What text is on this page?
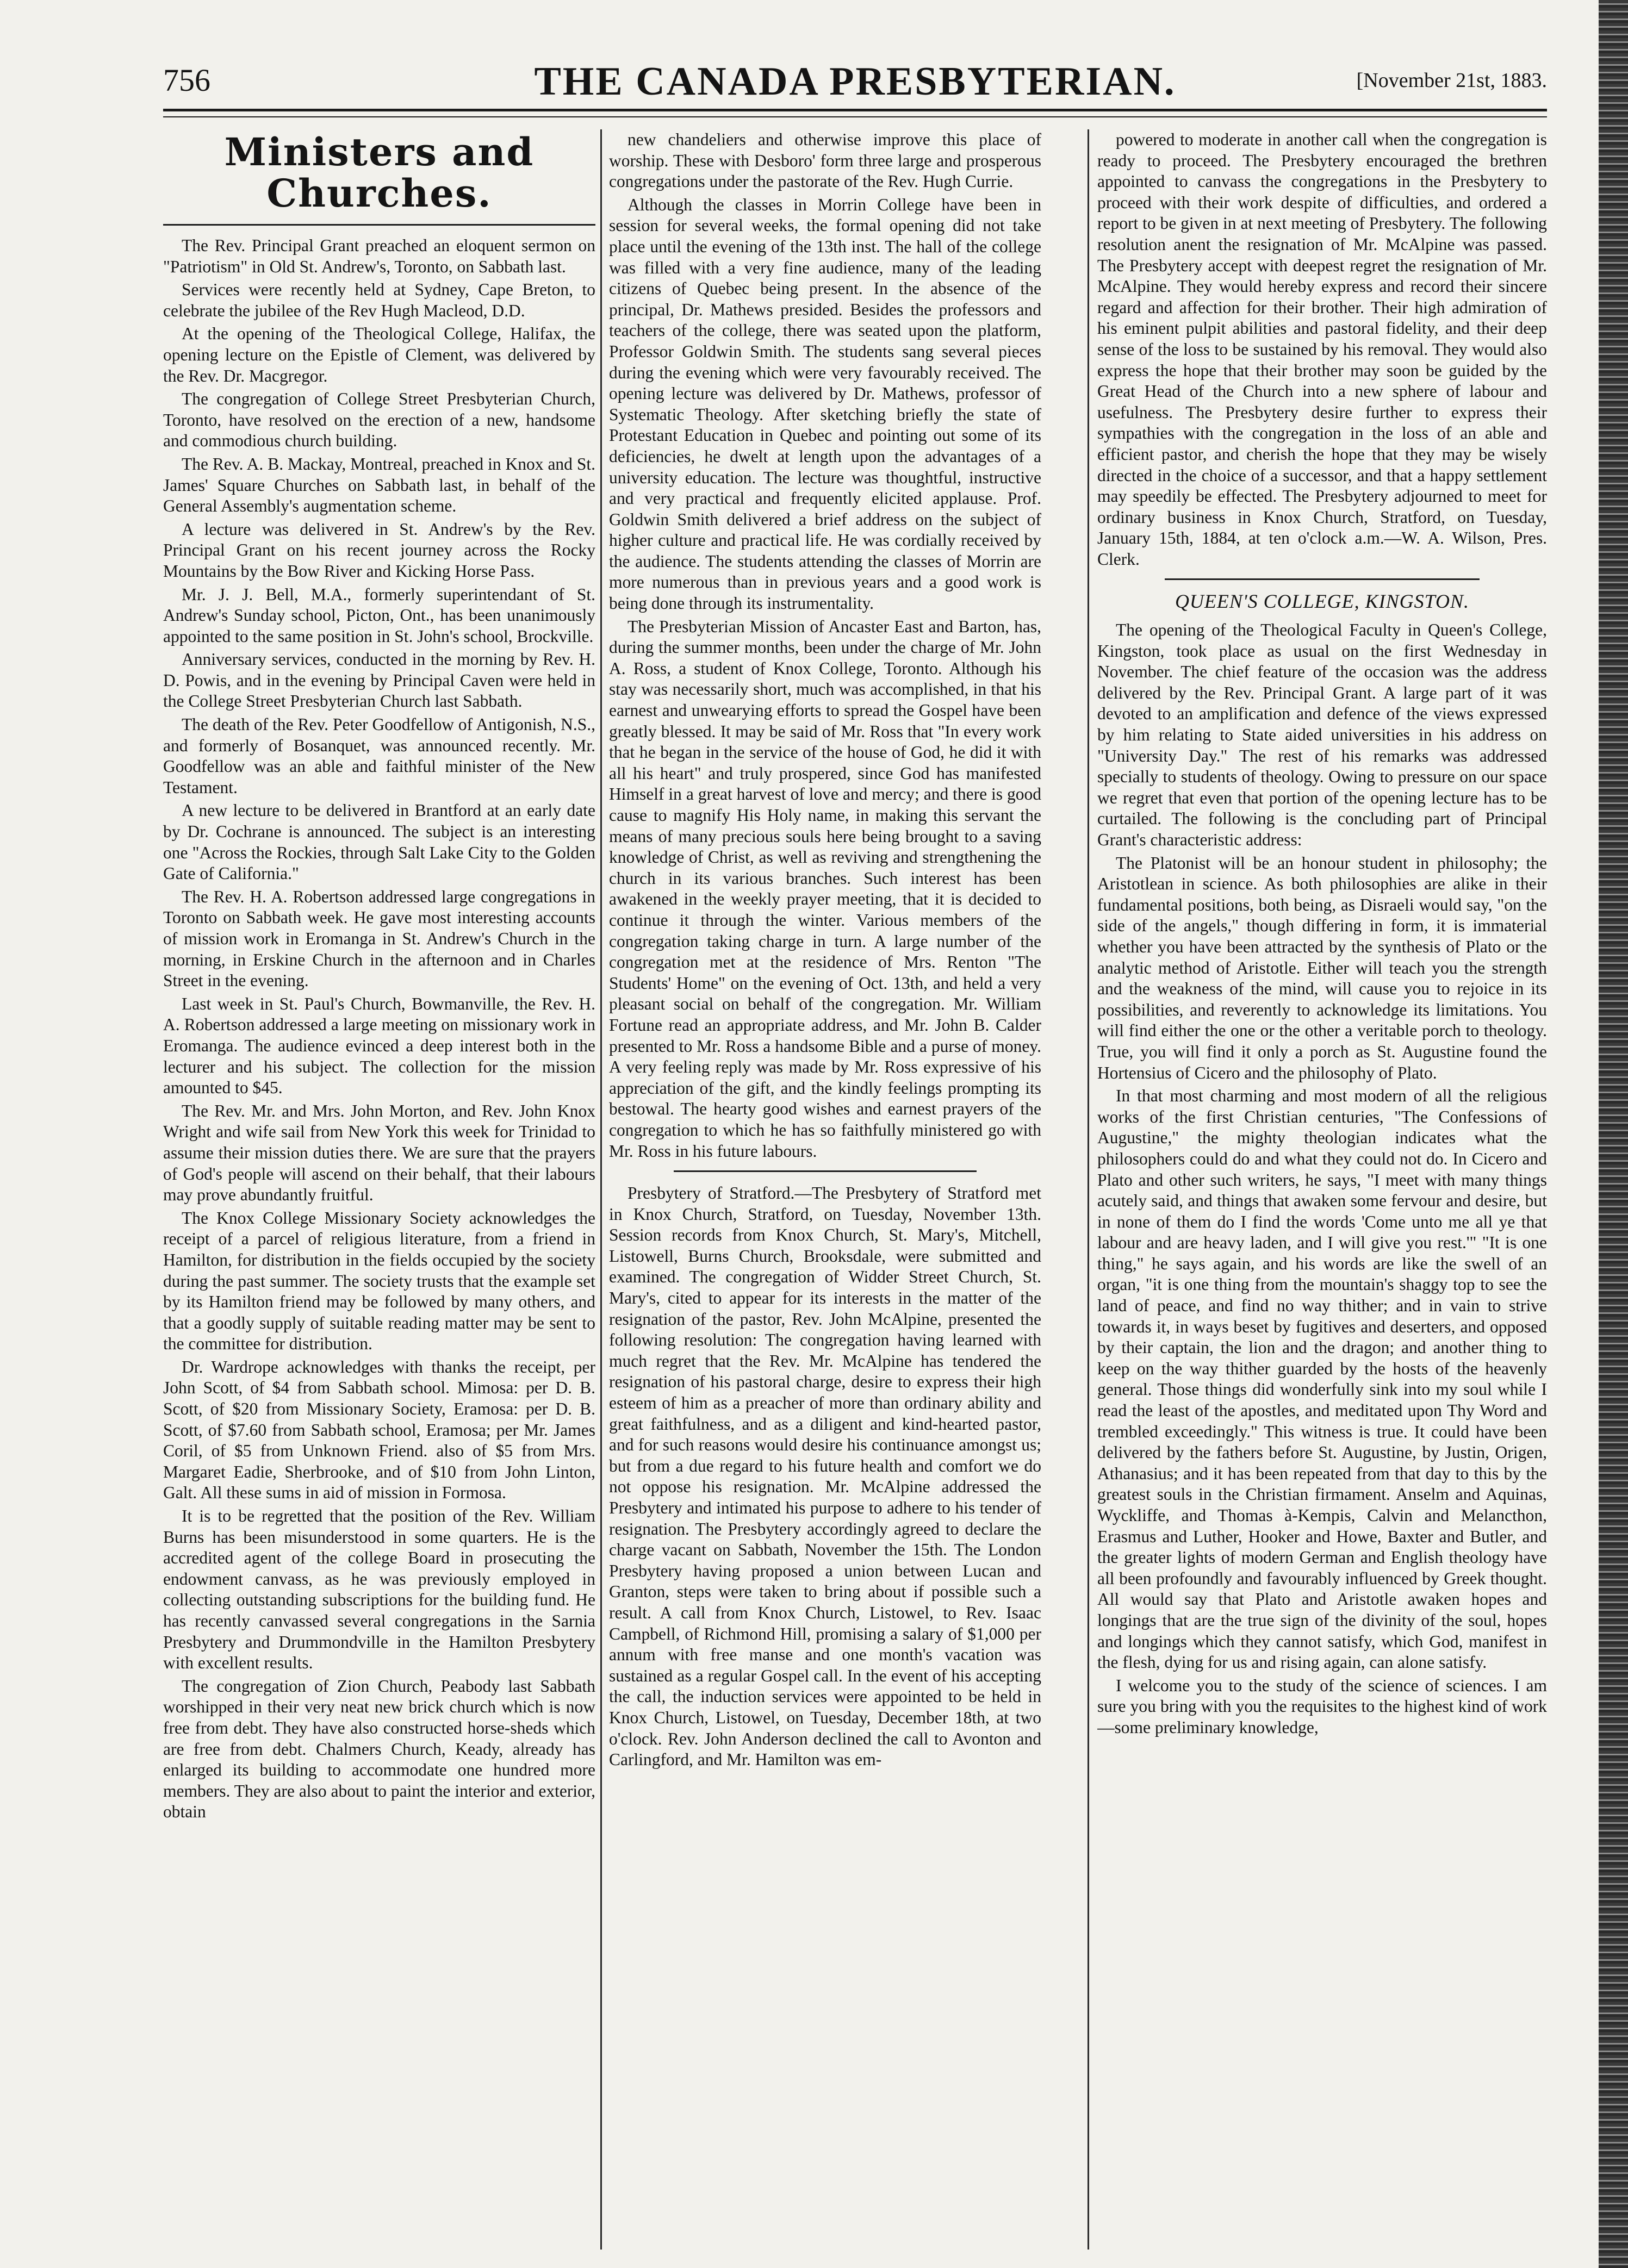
756	THE CANADA PRESBYTERIAN.	[November 21st, 1883.
Ministers and Churches.

The Rev. Principal Grant preached an eloquent sermon on "Patriotism" in Old St. Andrew's, Toronto, on Sabbath last.

Services were recently held at Sydney, Cape Breton, to celebrate the jubilee of the Rev Hugh Macleod, D.D.

At the opening of the Theological College, Halifax, the opening lecture on the Epistle of Clement, was delivered by the Rev. Dr. Macgregor.

The congregation of College Street Presbyterian Church, Toronto, have resolved on the erection of a new, handsome and commodious church building.

The Rev. A. B. Mackay, Montreal, preached in Knox and St. James' Square Churches on Sabbath last, in behalf of the General Assembly's augmentation scheme.

A lecture was delivered in St. Andrew's by the Rev. Principal Grant on his recent journey across the Rocky Mountains by the Bow River and Kicking Horse Pass.

Mr. J. J. Bell, M.A., formerly superintendant of St. Andrew's Sunday school, Picton, Ont., has been unanimously appointed to the same position in St. John's school, Brockville.

Anniversary services, conducted in the morning by Rev. H. D. Powis, and in the evening by Principal Caven were held in the College Street Presbyterian Church last Sabbath.

The death of the Rev. Peter Goodfellow of Antigonish, N.S., and formerly of Bosanquet, was announced recently. Mr. Goodfellow was an able and faithful minister of the New Testament.

A new lecture to be delivered in Brantford at an early date by Dr. Cochrane is announced. The subject is an interesting one "Across the Rockies, through Salt Lake City to the Golden Gate of California."

The Rev. H. A. Robertson addressed large congregations in Toronto on Sabbath week. He gave most interesting accounts of mission work in Eromanga in St. Andrew's Church in the morning, in Erskine Church in the afternoon and in Charles Street in the evening.

Last week in St. Paul's Church, Bowmanville, the Rev. H. A. Robertson addressed a large meeting on missionary work in Eromanga. The audience evinced a deep interest both in the lecturer and his subject. The collection for the mission amounted to $45.

The Rev. Mr. and Mrs. John Morton, and Rev. John Knox Wright and wife sail from New York this week for Trinidad to assume their mission duties there. We are sure that the prayers of God's people will ascend on their behalf, that their labours may prove abundantly fruitful.

The Knox College Missionary Society acknowledges the receipt of a parcel of religious literature, from a friend in Hamilton, for distribution in the fields occupied by the society during the past summer. The society trusts that the example set by its Hamilton friend may be followed by many others, and that a goodly supply of suitable reading matter may be sent to the committee for distribution.

Dr. Wardrope acknowledges with thanks the receipt, per John Scott, of $4 from Sabbath school. Mimosa: per D. B. Scott, of $20 from Missionary Society, Eramosa: per D. B. Scott, of $7.60 from Sabbath school, Eramosa; per Mr. James Coril, of $5 from Unknown Friend. also of $5 from Mrs. Margaret Eadie, Sherbrooke, and of $10 from John Linton, Galt. All these sums in aid of mission in Formosa.

It is to be regretted that the position of the Rev. William Burns has been misunderstood in some quarters. He is the accredited agent of the college Board in prosecuting the endowment canvass, as he was previously employed in collecting outstanding subscriptions for the building fund. He has recently canvassed several congregations in the Sarnia Presbytery and Drummondville in the Hamilton Presbytery with excellent results.

The congregation of Zion Church, Peabody last Sabbath worshipped in their very neat new brick church which is now free from debt. They have also constructed horse-sheds which are free from debt. Chalmers Church, Keady, already has enlarged its building to accommodate one hundred more members. They are also about to paint the interior and exterior, obtain

new chandeliers and otherwise improve this place of worship. These with Desboro' form three large and prosperous congregations under the pastorate of the Rev. Hugh Currie.

Although the classes in Morrin College have been in session for several weeks, the formal opening did not take place until the evening of the 13th inst. The hall of the college was filled with a very fine audience, many of the leading citizens of Quebec being present. In the absence of the principal, Dr. Mathews presided. Besides the professors and teachers of the college, there was seated upon the platform, Professor Goldwin Smith. The students sang several pieces during the evening which were very favourably received. The opening lecture was delivered by Dr. Mathews, professor of Systematic Theology. After sketching briefly the state of Protestant Education in Quebec and pointing out some of its deficiencies, he dwelt at length upon the advantages of a university education. The lecture was thoughtful, instructive and very practical and frequently elicited applause. Prof. Goldwin Smith delivered a brief address on the subject of higher culture and practical life. He was cordially received by the audience. The students attending the classes of Morrin are more numerous than in previous years and a good work is being done through its instrumentality.

The Presbyterian Mission of Ancaster East and Barton, has, during the summer months, been under the charge of Mr. John A. Ross, a student of Knox College, Toronto. Although his stay was necessarily short, much was accomplished, in that his earnest and unwearying efforts to spread the Gospel have been greatly blessed. It may be said of Mr. Ross that "In every work that he began in the service of the house of God, he did it with all his heart" and truly prospered, since God has manifested Himself in a great harvest of love and mercy; and there is good cause to magnify His Holy name, in making this servant the means of many precious souls here being brought to a saving knowledge of Christ, as well as reviving and strengthening the church in its various branches. Such interest has been awakened in the weekly prayer meeting, that it is decided to continue it through the winter. Various members of the congregation taking charge in turn. A large number of the congregation met at the residence of Mrs. Renton "The Students' Home" on the evening of Oct. 13th, and held a very pleasant social on behalf of the congregation. Mr. William Fortune read an appropriate address, and Mr. John B. Calder presented to Mr. Ross a handsome Bible and a purse of money. A very feeling reply was made by Mr. Ross expressive of his appreciation of the gift, and the kindly feelings prompting its bestowal. The hearty good wishes and earnest prayers of the congregation to which he has so faithfully ministered go with Mr. Ross in his future labours.

Presbytery of Stratford.—The Presbytery of Stratford met in Knox Church, Stratford, on Tuesday, November 13th. Session records from Knox Church, St. Mary's, Mitchell, Listowell, Burns Church, Brooksdale, were submitted and examined. The congregation of Widder Street Church, St. Mary's, cited to appear for its interests in the matter of the resignation of the pastor, Rev. John McAlpine, presented the following resolution: The congregation having learned with much regret that the Rev. Mr. McAlpine has tendered the resignation of his pastoral charge, desire to express their high esteem of him as a preacher of more than ordinary ability and great faithfulness, and as a diligent and kind-hearted pastor, and for such reasons would desire his continuance amongst us; but from a due regard to his future health and comfort we do not oppose his resignation. Mr. McAlpine addressed the Presbytery and intimated his purpose to adhere to his tender of resignation. The Presbytery accordingly agreed to declare the charge vacant on Sabbath, November the 15th. The London Presbytery having proposed a union between Lucan and Granton, steps were taken to bring about if possible such a result. A call from Knox Church, Listowel, to Rev. Isaac Campbell, of Richmond Hill, promising a salary of $1,000 per annum with free manse and one month's vacation was sustained as a regular Gospel call. In the event of his accepting the call, the induction services were appointed to be held in Knox Church, Listowel, on Tuesday, December 18th, at two o'clock. Rev. John Anderson declined the call to Avonton and Carlingford, and Mr. Hamilton was em-

powered to moderate in another call when the congregation is ready to proceed. The Presbytery encouraged the brethren appointed to canvass the congregations in the Presbytery to proceed with their work despite of difficulties, and ordered a report to be given in at next meeting of Presbytery. The following resolution anent the resignation of Mr. McAlpine was passed. The Presbytery accept with deepest regret the resignation of Mr. McAlpine. They would hereby express and record their sincere regard and affection for their brother. Their high admiration of his eminent pulpit abilities and pastoral fidelity, and their deep sense of the loss to be sustained by his removal. They would also express the hope that their brother may soon be guided by the Great Head of the Church into a new sphere of labour and usefulness. The Presbytery desire further to express their sympathies with the congregation in the loss of an able and efficient pastor, and cherish the hope that they may be wisely directed in the choice of a successor, and that a happy settlement may speedily be effected. The Presbytery adjourned to meet for ordinary business in Knox Church, Stratford, on Tuesday, January 15th, 1884, at ten o'clock a.m.—W. A. Wilson, Pres. Clerk.

QUEEN'S COLLEGE, KINGSTON.

The opening of the Theological Faculty in Queen's College, Kingston, took place as usual on the first Wednesday in November. The chief feature of the occasion was the address delivered by the Rev. Principal Grant. A large part of it was devoted to an amplification and defence of the views expressed by him relating to State aided universities in his address on "University Day." The rest of his remarks was addressed specially to students of theology. Owing to pressure on our space we regret that even that portion of the opening lecture has to be curtailed. The following is the concluding part of Principal Grant's characteristic address:

The Platonist will be an honour student in philosophy; the Aristotlean in science. As both philosophies are alike in their fundamental positions, both being, as Disraeli would say, "on the side of the angels," though differing in form, it is immaterial whether you have been attracted by the synthesis of Plato or the analytic method of Aristotle. Either will teach you the strength and the weakness of the mind, will cause you to rejoice in its possibilities, and reverently to acknowledge its limitations. You will find either the one or the other a veritable porch to theology. True, you will find it only a porch as St. Augustine found the Hortensius of Cicero and the philosophy of Plato.

In that most charming and most modern of all the religious works of the first Christian centuries, "The Confessions of Augustine," the mighty theologian indicates what the philosophers could do and what they could not do. In Cicero and Plato and other such writers, he says, "I meet with many things acutely said, and things that awaken some fervour and desire, but in none of them do I find the words 'Come unto me all ye that labour and are heavy laden, and I will give you rest.'" "It is one thing," he says again, and his words are like the swell of an organ, "it is one thing from the mountain's shaggy top to see the land of peace, and find no way thither; and in vain to strive towards it, in ways beset by fugitives and deserters, and opposed by their captain, the lion and the dragon; and another thing to keep on the way thither guarded by the hosts of the heavenly general. Those things did wonderfully sink into my soul while I read the least of the apostles, and meditated upon Thy Word and trembled exceedingly." This witness is true. It could have been delivered by the fathers before St. Augustine, by Justin, Origen, Athanasius; and it has been repeated from that day to this by the greatest souls in the Christian firmament. Anselm and Aquinas, Wyckliffe, and Thomas à-Kempis, Calvin and Melancthon, Erasmus and Luther, Hooker and Howe, Baxter and Butler, and the greater lights of modern German and English theology have all been profoundly and favourably influenced by Greek thought. All would say that Plato and Aristotle awaken hopes and longings that are the true sign of the divinity of the soul, hopes and longings which they cannot satisfy, which God, manifest in the flesh, dying for us and rising again, can alone satisfy.

I welcome you to the study of the science of sciences. I am sure you bring with you the requisites to the highest kind of work—some preliminary knowledge,
